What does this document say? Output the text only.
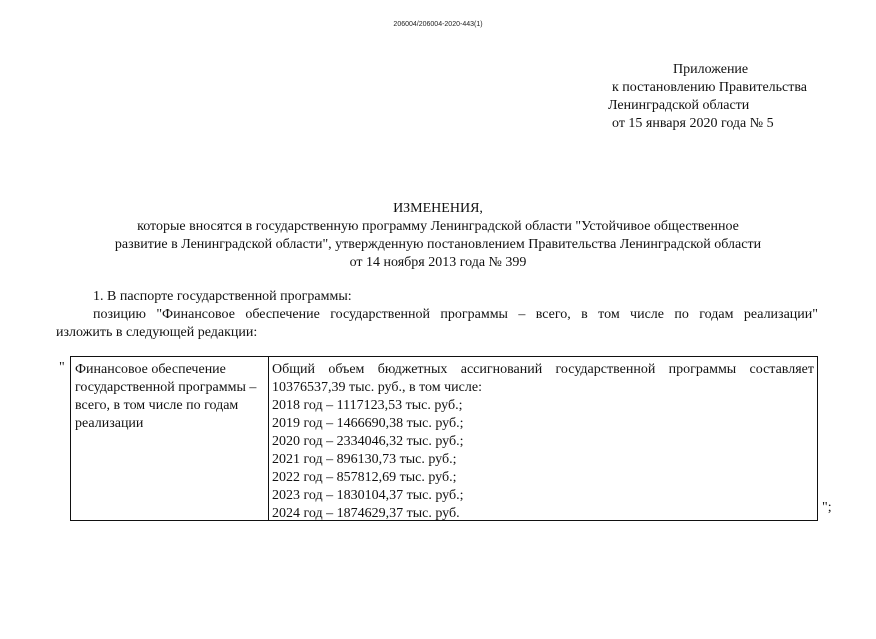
206004/206004-2020-443(1)
Приложение
к постановлению Правительства
Ленинградской области
от 15 января 2020 года № 5
ИЗМЕНЕНИЯ,
которые вносятся в государственную программу Ленинградской области "Устойчивое общественное
развитие в Ленинградской области", утвержденную постановлением Правительства Ленинградской области
от 14 ноября 2013 года № 399
1. В паспорте государственной программы:
позицию "Финансовое обеспечение государственной программы – всего, в том числе по годам реализации"
изложить в следующей редакции:
" Финансовое обеспечение
государственной программы –
всего, в том числе по годам
реализации
Общий объем бюджетных ассигнований государственной программы составляет
10376537,39 тыс. руб., в том числе:
2018 год – 1117123,53 тыс. руб.;
2019 год – 1466690,38 тыс. руб.;
2020 год – 2334046,32 тыс. руб.;
2021 год – 896130,73 тыс. руб.;
2022 год – 857812,69 тыс. руб.;
2023 год – 1830104,37 тыс. руб.;
2024 год – 1874629,37 тыс. руб.	";
